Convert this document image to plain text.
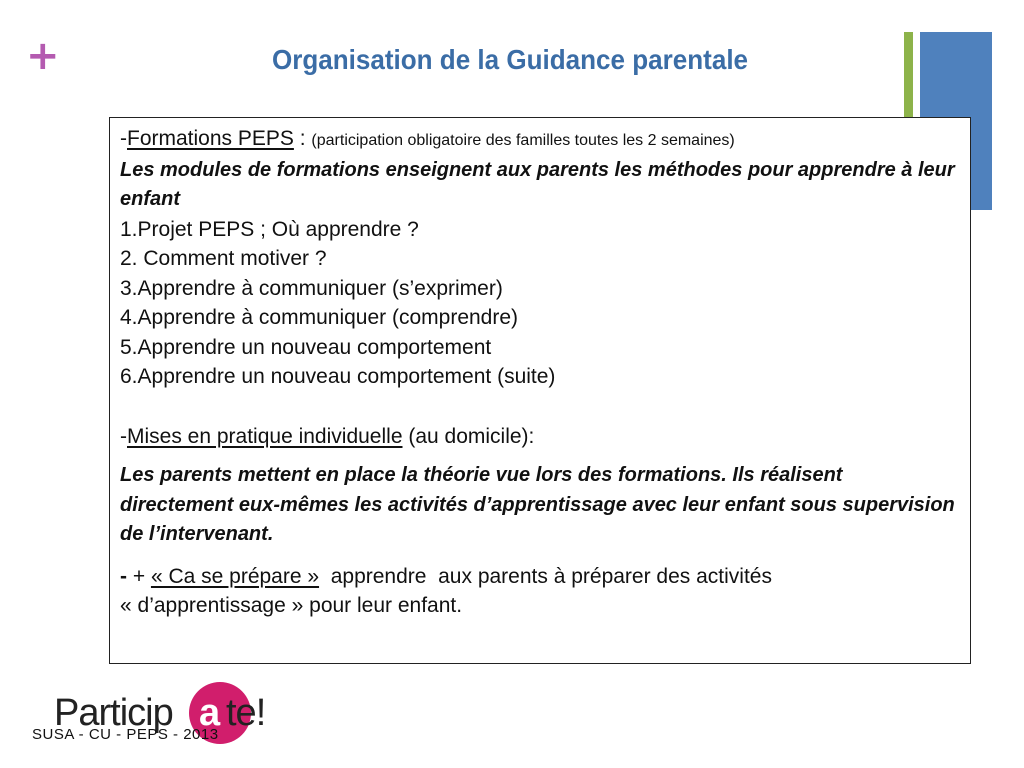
+	Organisation de la Guidance parentale

-Formations PEPS : (participation obligatoire des familles toutes les 2 semaines)

Les modules de formations enseignent aux parents les méthodes pour apprendre à leur enfant

1.Projet PEPS ; Où apprendre ?

2. Comment motiver ?

3.Apprendre à communiquer (s’exprimer)

4.Apprendre à communiquer (comprendre)

5.Apprendre un nouveau comportement

6.Apprendre un nouveau comportement (suite)

-Mises en pratique individuelle (au domicile):

Les parents mettent en place la théorie vue lors des formations. Ils réalisent directement eux-mêmes les activités d’apprentissage avec leur enfant sous supervision de l’intervenant.

- + « Ca se prépare »  apprendre  aux parents à préparer des activités

« d’apprentissage » pour leur enfant.

Particip a te!
SUSA - CU - PEPS - 2013
